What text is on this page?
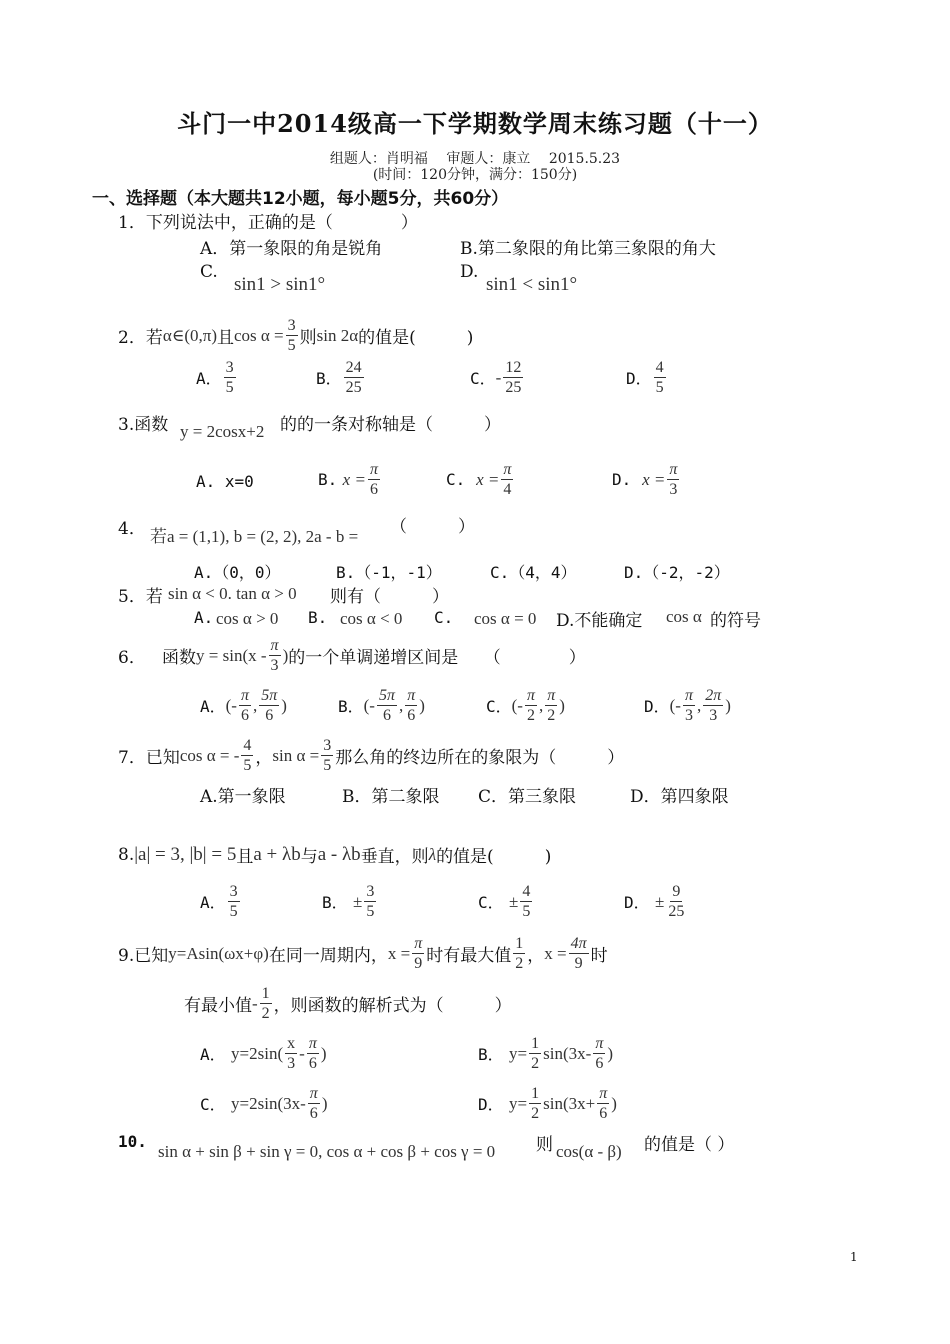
斗门一中2014级高一下学期数学周末练习题（十一）
组题人：肖明福　 审题人：康立　 2015.5.23
(时间：120分钟，满分：150分)
一、选择题（本大题共12小题，每小题5分，共60分）
1．下列说法中，正确的是（　　　　）
A．第一象限的角是锐角	B.第二象限的角比第三象限的角大
C.
sin1 > sin1°
D.
sin1 < sin1°
2． 若 α∈(0,π) 且 $\cos \alpha = \frac{3}{5}$ 则 sin 2α 的值是(　　　)
A． $\frac{3}{5}$	B． $\frac{24}{25}$	C． - $\frac{12}{25}$	D． $\frac{4}{5}$
3.函数 y = 2cosx+2 的的一条对称轴是（　　　）
A. x=0	B.
$x = \frac{\pi}{6}$	C.
$x = \frac{\pi}{4}$	D.
$x = \frac{\pi}{3}$
4． 若a = (1,1), b = (2, 2), 2a - b = （　　　）
A.（0，0）	B.（-1，-1）	C.（4，4）	D.（-2，-2）
5．若 sin α < 0. tan α > 0 则有（　　　）
A. cos α > 0 B. cos α < 0 C. cos α = 0 D.不能确定 cos α 的符号
6．
函数 $y = \sin(x - \frac{\pi}{3}$ ) 的一个单调递增区间是　　（　　　　）
A． (- $\frac{\pi}{6}$ , $\frac{5\pi}{6}$ )	B． (- $\frac{5\pi}{6}$ , $\frac{\pi}{6}$ )	C． (- $\frac{\pi}{2}$ , $\frac{\pi}{2}$ )	D． (- $\frac{\pi}{3}$ , $\frac{2\pi}{3}$ )
7．已知 cos α = - $\frac{4}{5}$ ， $\sin \alpha = \frac{3}{5}$ 那么角的终边所在的象限为（　　　）
A.第一象限	B．第二象限 C．第三象限	D．第四象限
8. |a| = 3, |b| = 5 且 a + λb 与 a - λb 垂直，则 λ 的值是(　　　)
A． $\frac{3}{5}$	B．
± $\frac{3}{5}$	C．
± $\frac{4}{5}$	D．
± $\frac{9}{25}$
9.已知 y=Asin(ωx+φ) 在同一周期内， $x = \frac{\pi}{9}$ 时有最大值 $\frac{1}{2}$ ， $x = \frac{4\pi}{9}$ 时
有最小值 - $\frac{1}{2}$ ，则函数的解析式为（　　　）
A．
$y=2\sin( \frac{x}{3} - \frac{\pi}{6}$ )	B．
$y= \frac{1}{2} \sin(3x- \frac{\pi}{6}$ )
C．
$y=2\sin(3x- \frac{\pi}{6}$ )	D．
$y= \frac{1}{2} \sin(3x+ \frac{\pi}{6}$ )
10.
sin α + sin β + sin γ = 0, cos α + cos β + cos γ = 0 则 cos(α - β) 的值是（ ）
1
